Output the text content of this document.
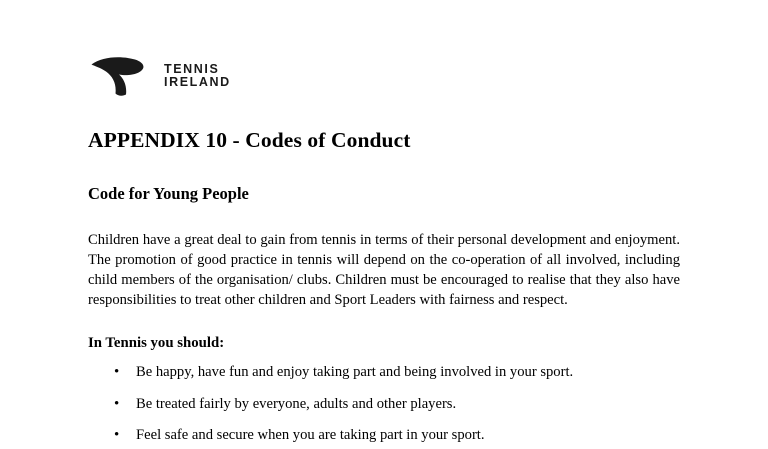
TENNIS
IRELAND
APPENDIX 10 - Codes of Conduct
Code for Young People

Children have a great deal to gain from tennis in terms of their personal development and enjoyment. The promotion of good practice in tennis will depend on the co-operation of all involved, including child members of the organisation/ clubs. Children must be encouraged to realise that they also have responsibilities to treat other children and Sport Leaders with fairness and respect.

In Tennis you should:
• Be happy, have fun and enjoy taking part and being involved in your sport.
• Be treated fairly by everyone, adults and other players.
• Feel safe and secure when you are taking part in your sport.
